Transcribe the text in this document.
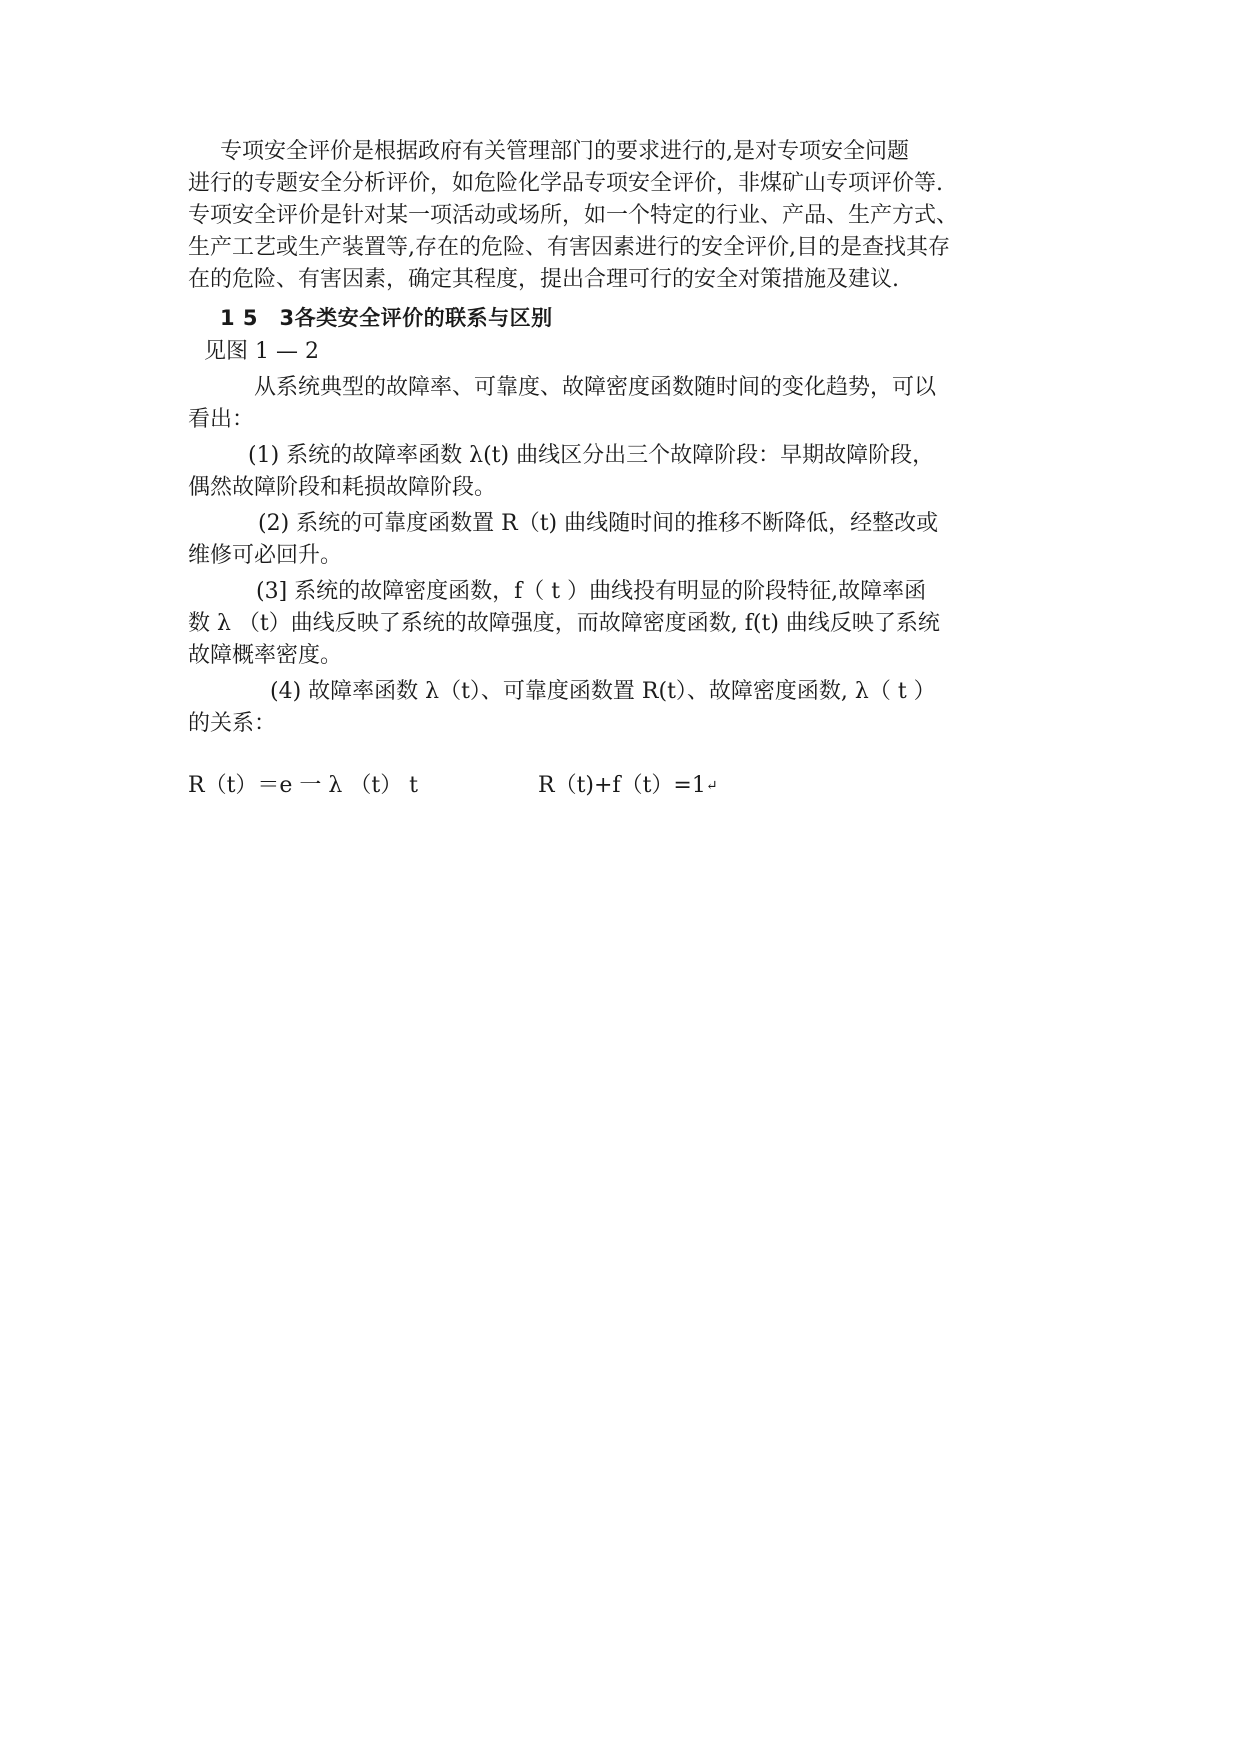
专项安全评价是根据政府有关管理部门的要求进行的,是对专项安全问题
进行的专题安全分析评价，如危险化学品专项安全评价，非煤矿山专项评价等.
专项安全评价是针对某一项活动或场所，如一个特定的行业、产品、生产方式、
生产工艺或生产装置等,存在的危险、有害因素进行的安全评价,目的是查找其存
在的危险、有害因素，确定其程度，提出合理可行的安全对策措施及建议.
1 5　3各类安全评价的联系与区别
见图 1 — 2
从系统典型的故障率、可靠度、故障密度函数随时间的变化趋势，可以
看出：
(1) 系统的故障率函数 λ(t) 曲线区分出三个故障阶段：早期故障阶段，
偶然故障阶段和耗损故障阶段。
(2) 系统的可靠度函数置 R（t) 曲线随时间的推移不断降低，经整改或
维修可必回升。
(3] 系统的故障密度函数，f（ t ）曲线投有明显的阶段特征,故障率函
数 λ （t）曲线反映了系统的故障强度，而故障密度函数, f(t) 曲线反映了系统
故障概率密度。
(4) 故障率函数 λ（t）、可靠度函数置 R(t）、故障密度函数, λ（ t ）
的关系：
R（t）＝e 一 λ （t） t	R（t)+f（t）=1↵
